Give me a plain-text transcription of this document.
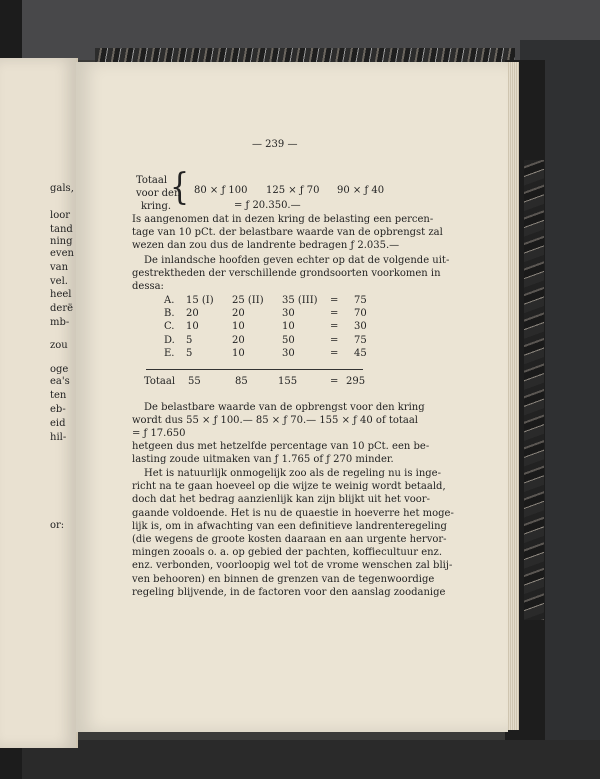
gals,
loor
tand
ning
even
van
vel.
heel
derë
mb-
zou
oge
ea's
ten
eb-
eid
hil-
or:
— 239 —
Totaal
voor den
kring.
{ 80 × ƒ 100 125 × ƒ 70 90 × ƒ 40
= ƒ 20.350.—
Is aangenomen dat in dezen kring de belasting een percen-
tage van 10 pCt. der belastbare waarde van de opbrengst zal
wezen dan zou dus de landrente bedragen ƒ 2.035.—
De inlandsche hoofden geven echter op dat de volgende uit-
gestrektheden der verschillende grondsoorten voorkomen in
dessa:
A. 15 (I) 25 (II) 35 (III) = 75
B. 20	20	30	= 70
C. 10	10	10	= 30
D. 5	20	50	= 75
E. 5	10	30	= 45
Totaal 55	85	155	= 295
De belastbare waarde van de opbrengst voor den kring
wordt dus 55 × ƒ 100.— 85 × ƒ 70.— 155 × ƒ 40 of totaal
= ƒ 17.650
hetgeen dus met hetzelfde percentage van 10 pCt. een be-
lasting zoude uitmaken van ƒ 1.765 of ƒ 270 minder.
Het is natuurlijk onmogelijk zoo als de regeling nu is inge-
richt na te gaan hoeveel op die wijze te weinig wordt betaald,
doch dat het bedrag aanzienlijk kan zijn blijkt uit het voor-
gaande voldoende. Het is nu de quaestie in hoeverre het moge-
lijk is, om in afwachting van een definitieve landrenteregeling
(die wegens de groote kosten daaraan en aan urgente hervor-
mingen zooals o. a. op gebied der pachten, koffiecultuur enz.
enz. verbonden, voorloopig wel tot de vrome wenschen zal blij-
ven behooren) en binnen de grenzen van de tegenwoordige
regeling blijvende, in de factoren voor den aanslag zoodanige
